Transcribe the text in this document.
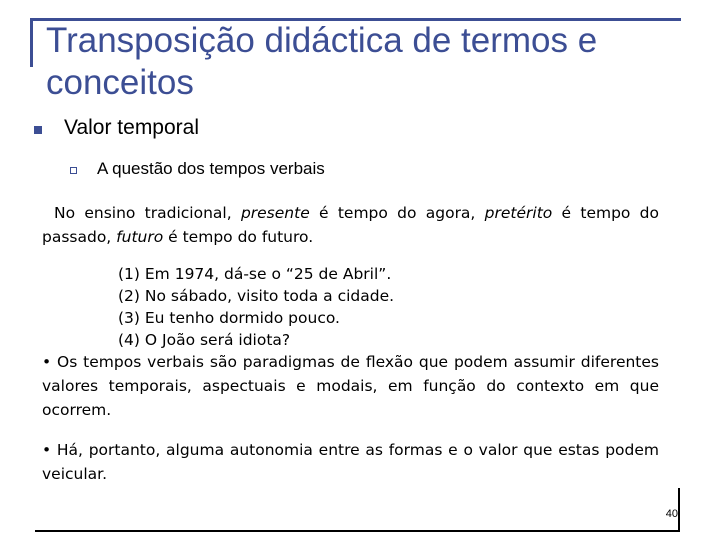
Transposição didáctica de termos e conceitos

Valor temporal

A questão dos tempos verbais

No ensino tradicional, presente é tempo do agora, pretérito é tempo do passado, futuro é tempo do futuro.

(1) Em 1974, dá-se o “25 de Abril”.
(2) No sábado, visito toda a cidade.
(3) Eu tenho dormido pouco.
(4) O João será idiota?

• Os tempos verbais são paradigmas de flexão que podem assumir diferentes valores temporais, aspectuais e modais, em função do contexto em que ocorrem.

• Há, portanto, alguma autonomia entre as formas e o valor que estas podem veicular.

40
